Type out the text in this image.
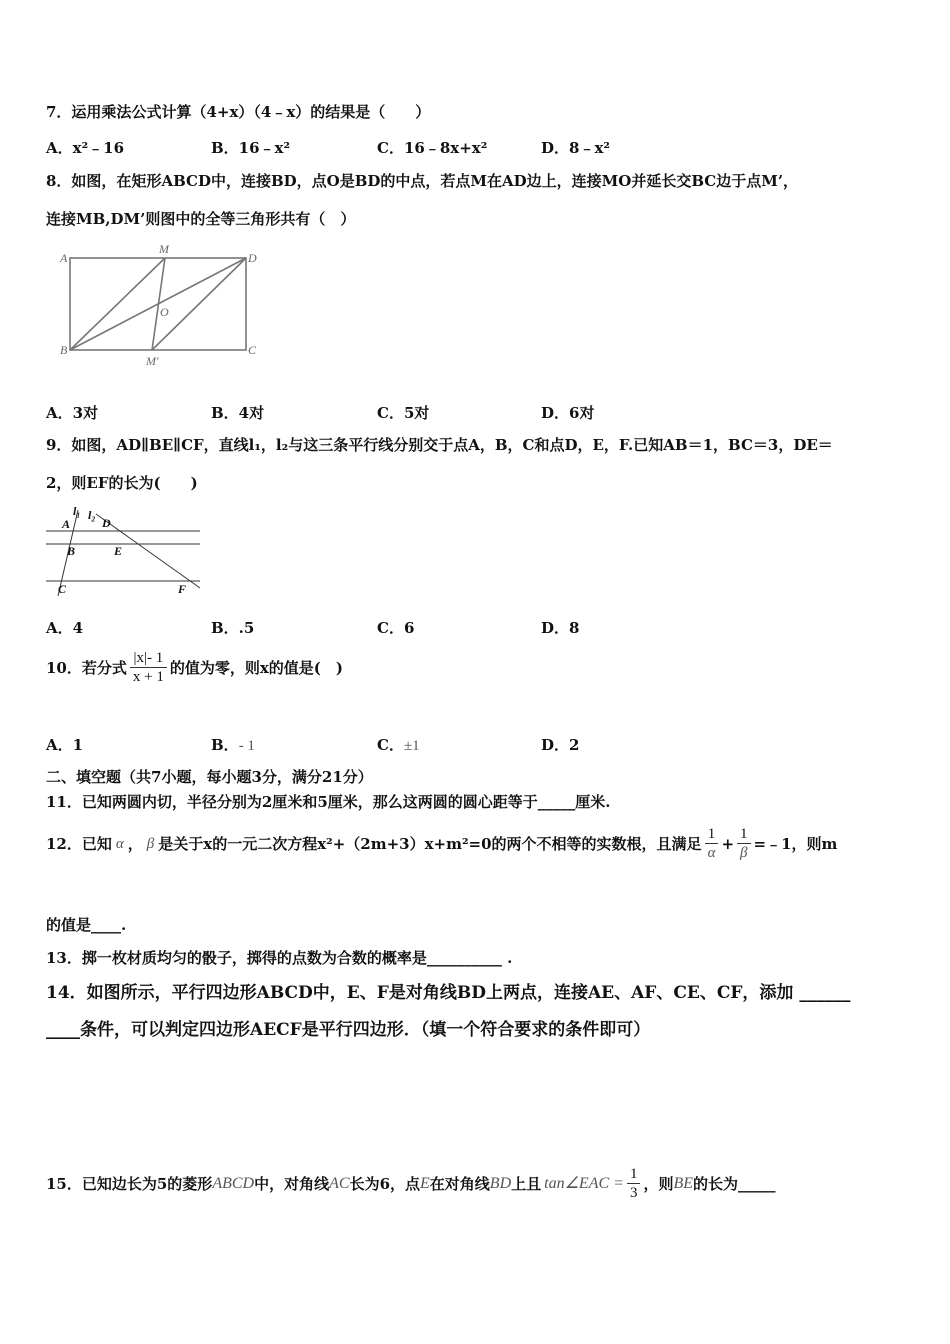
7．运用乘法公式计算（4+x）（4﹣x）的结果是（　　）
A．x²﹣16	B．16﹣x²	C．16﹣8x+x²	D．8﹣x²
8．如图，在矩形ABCD中，连接BD，点O是BD的中点，若点M在AD边上，连接MO并延长交BC边于点M’，
连接MB,DM’则图中的全等三角形共有（　）
A	D
M
O
B	C
M'
A．3对	B．4对	C．5对	D．6对
9．如图，AD∥BE∥CF，直线l₁，l₂与这三条平行线分别交于点A，B，C和点D，E，F.已知AB＝1，BC＝3，DE＝
2，则EF的长为(　　)
A
l₁ l₂
D
B	E
C	F
A．4	B．.5	C．6	D．8
10．若分式 $\frac{|x|- 1}{x + 1}$ 的值为零，则x的值是(　)
A．1	B．- 1	C．±1	D．2
二、填空题（共7小题，每小题3分，满分21分）
11．已知两圆内切，半径分别为2厘米和5厘米，那么这两圆的圆心距等于_____厘米.
12．已知 α ， β 是关于x的一元二次方程x²+（2m+3）x+m²=0的两个不相等的实数根，且满足 $\frac{1}{\alpha} + \frac{1}{\beta}$ =﹣1，则m
的值是____.
13．掷一枚材质均匀的骰子，掷得的点数为合数的概率是__________ .
14．如图所示，平行四边形ABCD中，E、F是对角线BD上两点，连接AE、AF、CE、CF，添加 ______
____条件，可以判定四边形AECF是平行四边形．（填一个符合要求的条件即可）
15．已知边长为5的菱形ABCD中，对角线AC长为6，点E在对角线BD上且 tan∠EAC = $\frac{1}{3}$ ，则BE的长为_____
